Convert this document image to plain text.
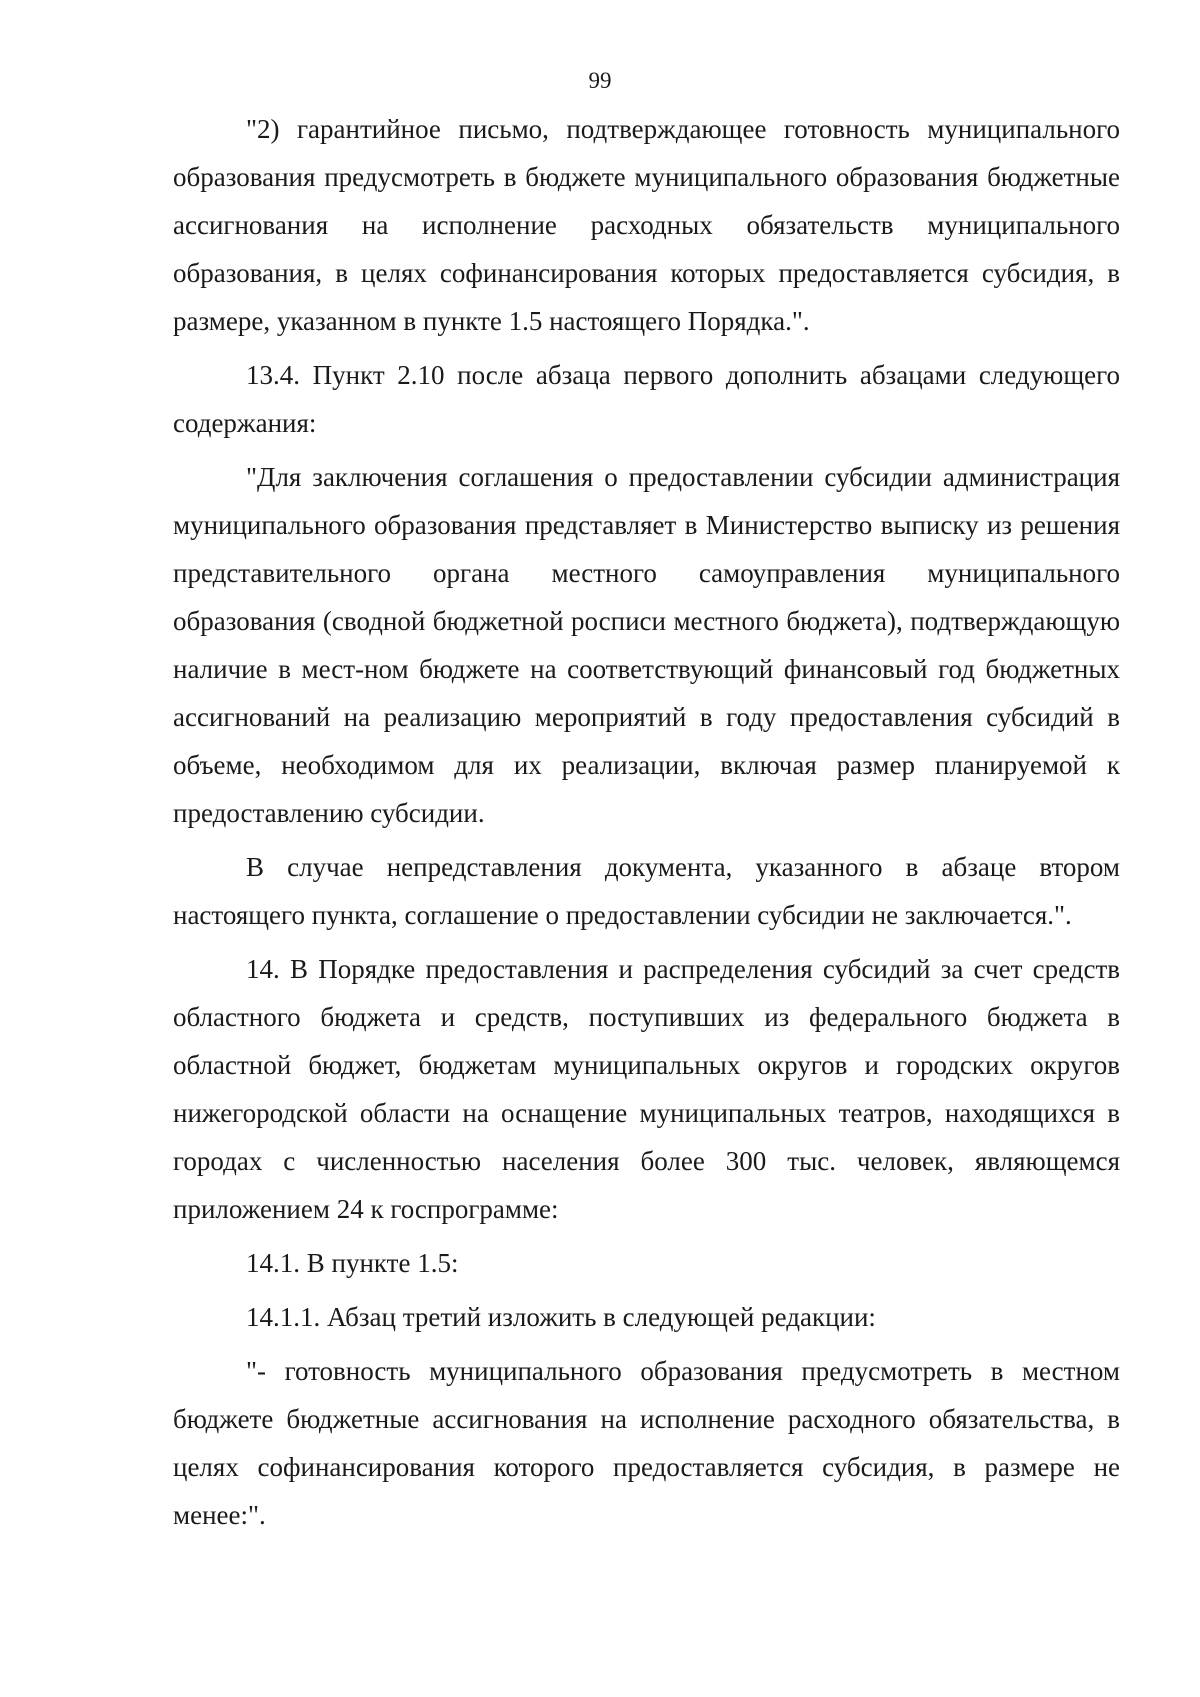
99

"2) гарантийное письмо, подтверждающее готовность муниципального образования предусмотреть в бюджете муниципального образования бюджетные ассигнования на исполнение расходных обязательств муниципального образования, в целях софинансирования которых предоставляется субсидия, в размере, указанном в пункте 1.5 настоящего Порядка.".

13.4. Пункт 2.10 после абзаца первого дополнить абзацами следующего содержания:

"Для заключения соглашения о предоставлении субсидии администрация муниципального образования представляет в Министерство выписку из решения представительного органа местного самоуправления муниципального образования (сводной бюджетной росписи местного бюджета), подтверждающую наличие в мест-ном бюджете на соответствующий финансовый год бюджетных ассигнований на реализацию мероприятий в году предоставления субсидий в объеме, необходимом для их реализации, включая размер планируемой к предоставлению субсидии.

В случае непредставления документа, указанного в абзаце втором настоящего пункта, соглашение о предоставлении субсидии не заключается.".

14. В Порядке предоставления и распределения субсидий за счет средств областного бюджета и средств, поступивших из федерального бюджета в областной бюджет, бюджетам муниципальных округов и городских округов нижегородской области на оснащение муниципальных театров, находящихся в городах с численностью населения более 300 тыс. человек, являющемся приложением 24 к госпрограмме:

14.1. В пункте 1.5:

14.1.1. Абзац третий изложить в следующей редакции:

"- готовность муниципального образования предусмотреть в местном бюджете бюджетные ассигнования на исполнение расходного обязательства, в целях софинансирования которого предоставляется субсидия, в размере не менее:".
